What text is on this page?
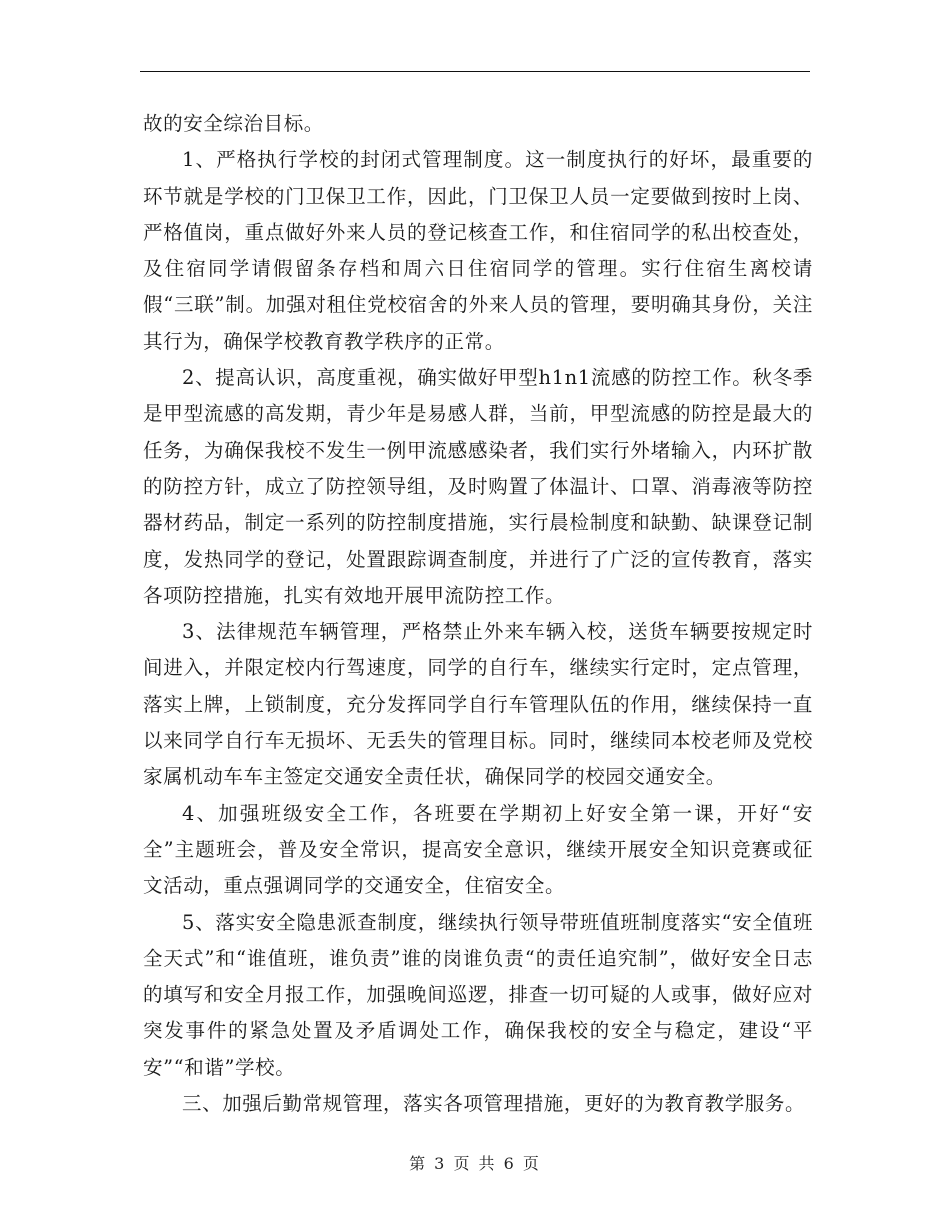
故的安全综治目标。

1、严格执行学校的封闭式管理制度。这一制度执行的好坏，最重要的环节就是学校的门卫保卫工作，因此，门卫保卫人员一定要做到按时上岗、严格值岗，重点做好外来人员的登记核查工作，和住宿同学的私出校查处，及住宿同学请假留条存档和周六日住宿同学的管理。实行住宿生离校请假“三联”制。加强对租住党校宿舍的外来人员的管理，要明确其身份，关注其行为，确保学校教育教学秩序的正常。

2、提高认识，高度重视，确实做好甲型h1n1流感的防控工作。秋冬季是甲型流感的高发期，青少年是易感人群，当前，甲型流感的防控是最大的任务，为确保我校不发生一例甲流感感染者，我们实行外堵输入，内环扩散的防控方针，成立了防控领导组，及时购置了体温计、口罩、消毒液等防控器材药品，制定一系列的防控制度措施，实行晨检制度和缺勤、缺课登记制度，发热同学的登记，处置跟踪调查制度，并进行了广泛的宣传教育，落实各项防控措施，扎实有效地开展甲流防控工作。

3、法律规范车辆管理，严格禁止外来车辆入校，送货车辆要按规定时间进入，并限定校内行驾速度，同学的自行车，继续实行定时，定点管理，落实上牌，上锁制度，充分发挥同学自行车管理队伍的作用，继续保持一直以来同学自行车无损坏、无丢失的管理目标。同时，继续同本校老师及党校家属机动车车主签定交通安全责任状，确保同学的校园交通安全。

4、加强班级安全工作，各班要在学期初上好安全第一课，开好“安全”主题班会，普及安全常识，提高安全意识，继续开展安全知识竞赛或征文活动，重点强调同学的交通安全，住宿安全。

5、落实安全隐患派查制度，继续执行领导带班值班制度落实“安全值班全天式”和“谁值班，谁负责”谁的岗谁负责“的责任追究制”，做好安全日志的填写和安全月报工作，加强晚间巡逻，排查一切可疑的人或事，做好应对突发事件的紧急处置及矛盾调处工作，确保我校的安全与稳定，建设“平安”“和谐”学校。

三、加强后勤常规管理，落实各项管理措施，更好的为教育教学服务。

第 3 页 共 6 页
